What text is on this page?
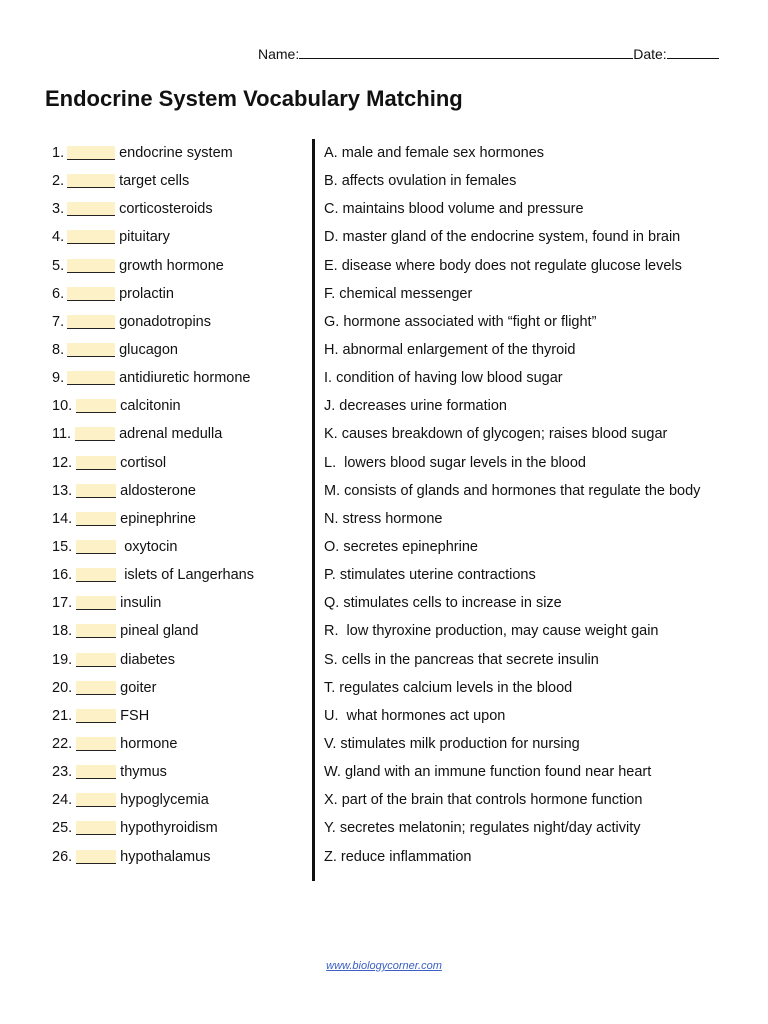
Name:	Date:
Endocrine System Vocabulary Matching
1.	endocrine system
2.	target cells
3.	corticosteroids
4.	pituitary
5.	growth hormone
6.	prolactin
7.	gonadotropins
8.	glucagon
9.	antidiuretic hormone
10.	calcitonin
11.	adrenal medulla
12.	cortisol
13.	aldosterone
14.	epinephrine
15.	oxytocin
16.	islets of Langerhans
17.	insulin
18.	pineal gland
19.	diabetes
20.	goiter
21.	FSH
22.	hormone
23.	thymus
24.	hypoglycemia
25.	hypothyroidism
26.	hypothalamus
A. male and female sex hormones
B. affects ovulation in females
C. maintains blood volume and pressure
D. master gland of the endocrine system, found in brain
E. disease where body does not regulate glucose levels
F. chemical messenger
G. hormone associated with “fight or flight”
H. abnormal enlargement of the thyroid
I. condition of having low blood sugar
J. decreases urine formation
K. causes breakdown of glycogen; raises blood sugar
L.  lowers blood sugar levels in the blood
M. consists of glands and hormones that regulate the body
N. stress hormone
O. secretes epinephrine
P. stimulates uterine contractions
Q. stimulates cells to increase in size
R.  low thyroxine production, may cause weight gain
S. cells in the pancreas that secrete insulin
T. regulates calcium levels in the blood
U.  what hormones act upon
V. stimulates milk production for nursing
W. gland with an immune function found near heart
X. part of the brain that controls hormone function
Y. secretes melatonin; regulates night/day activity
Z. reduce inflammation
www.biologycorner.com
